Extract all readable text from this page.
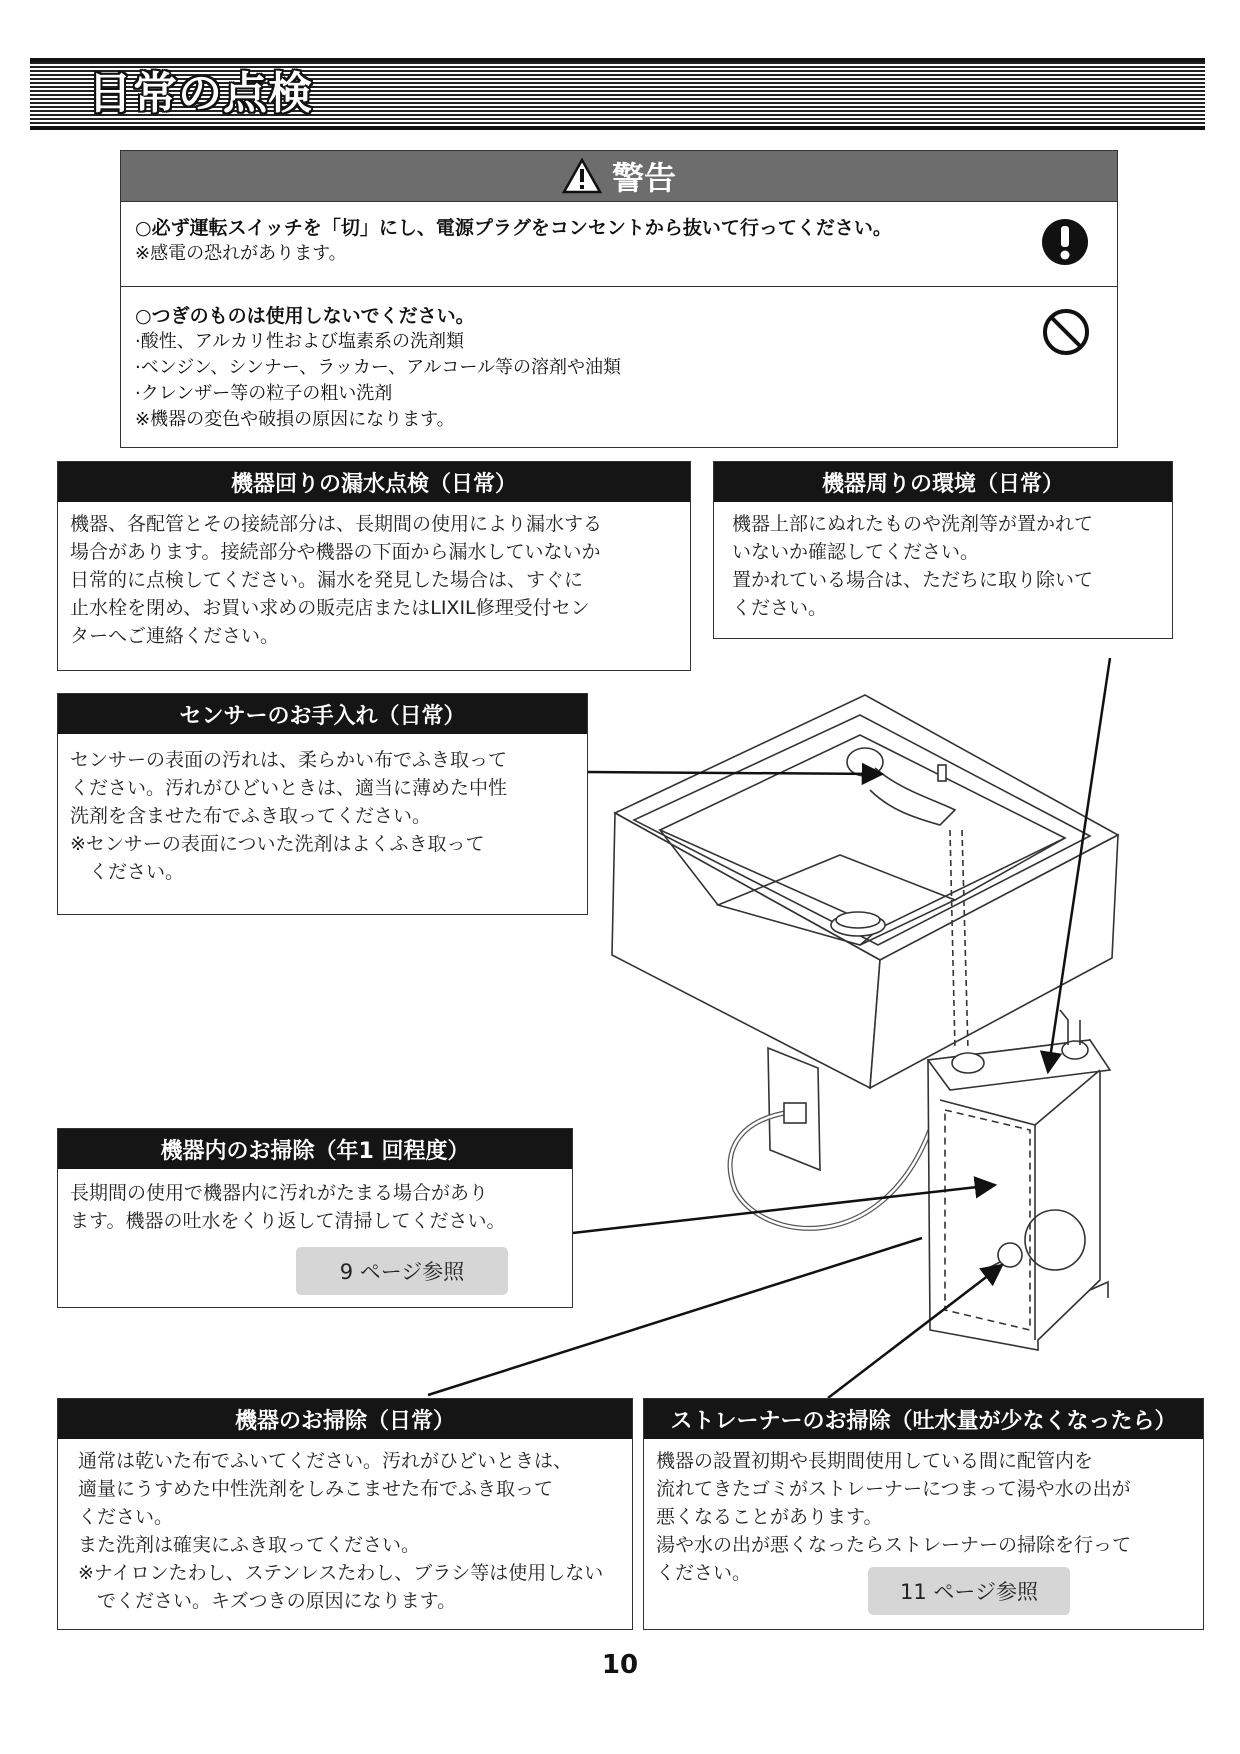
日常の点検
警告
○必ず運転スイッチを「切」にし、電源プラグをコンセントから抜いて行ってください。
※感電の恐れがあります。
○つぎのものは使用しないでください。
·酸性、アルカリ性および塩素系の洗剤類
·ベンジン、シンナー、ラッカー、アルコール等の溶剤や油類
·クレンザー等の粒子の粗い洗剤
※機器の変色や破損の原因になります。
機器回りの漏水点検（日常）
機器、各配管とその接続部分は、長期間の使用により漏水する
場合があります。接続部分や機器の下面から漏水していないか
日常的に点検してください。漏水を発見した場合は、すぐに
止水栓を閉め、お買い求めの販売店またはLIXIL修理受付セン
ターへご連絡ください。
機器周りの環境（日常）
機器上部にぬれたものや洗剤等が置かれて
いないか確認してください。
置かれている場合は、ただちに取り除いて
ください。
センサーのお手入れ（日常）
センサーの表面の汚れは、柔らかい布でふき取って
ください。汚れがひどいときは、適当に薄めた中性
洗剤を含ませた布でふき取ってください。
※センサーの表面についた洗剤はよくふき取って
　ください。
機器内のお掃除（年1 回程度）
長期間の使用で機器内に汚れがたまる場合があり
ます。機器の吐水をくり返して清掃してください。
9 ページ参照
機器のお掃除（日常）
通常は乾いた布でふいてください。汚れがひどいときは、
適量にうすめた中性洗剤をしみこませた布でふき取って
ください。
また洗剤は確実にふき取ってください。
※ナイロンたわし、ステンレスたわし、ブラシ等は使用しない
　でください。キズつきの原因になります。
ストレーナーのお掃除（吐水量が少なくなったら）
機器の設置初期や長期間使用している間に配管内を
流れてきたゴミがストレーナーにつまって湯や水の出が
悪くなることがあります。
湯や水の出が悪くなったらストレーナーの掃除を行って
ください。
11 ページ参照
10
